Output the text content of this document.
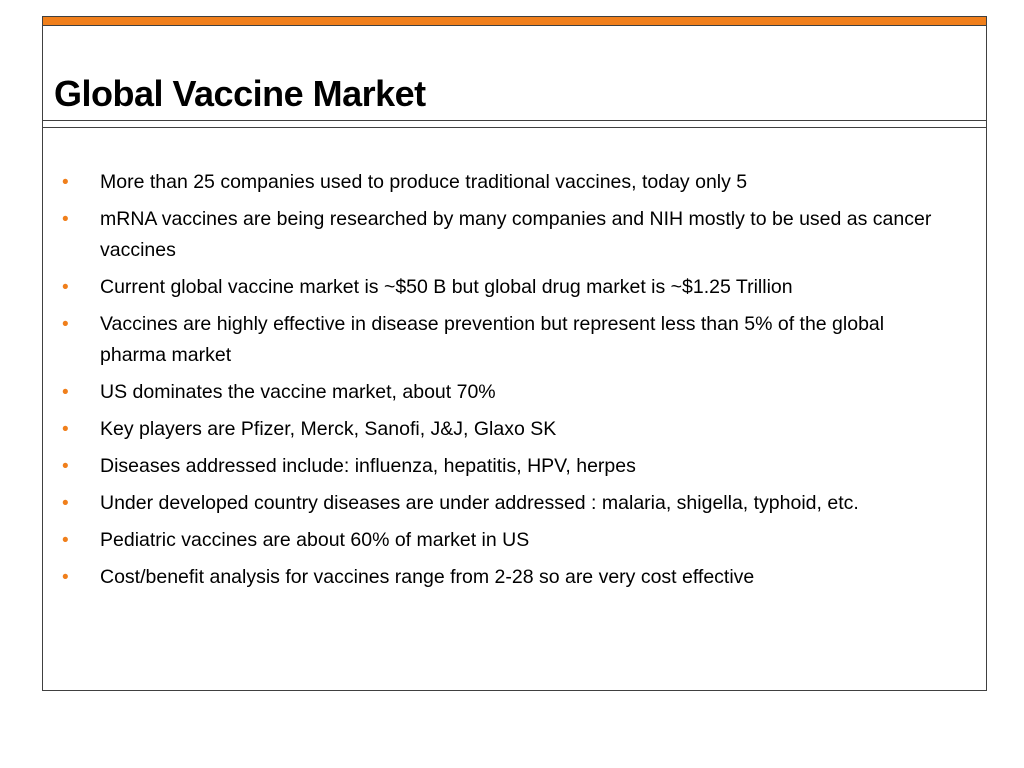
Global Vaccine Market
• More than 25 companies used to produce traditional vaccines, today only 5
• mRNA vaccines are being researched by many companies and NIH mostly to be used as cancer vaccines
• Current global vaccine market is ~$50 B but global drug market is ~$1.25 Trillion
• Vaccines are highly effective in disease prevention but represent less than 5% of the global pharma market
• US dominates the vaccine market, about 70%
• Key players are Pfizer, Merck, Sanofi, J&J, Glaxo SK
• Diseases addressed include: influenza, hepatitis, HPV, herpes
• Under developed country diseases are under addressed : malaria, shigella, typhoid, etc.
• Pediatric vaccines are about 60% of market in US
• Cost/benefit analysis for vaccines range from 2-28 so are very cost effective
